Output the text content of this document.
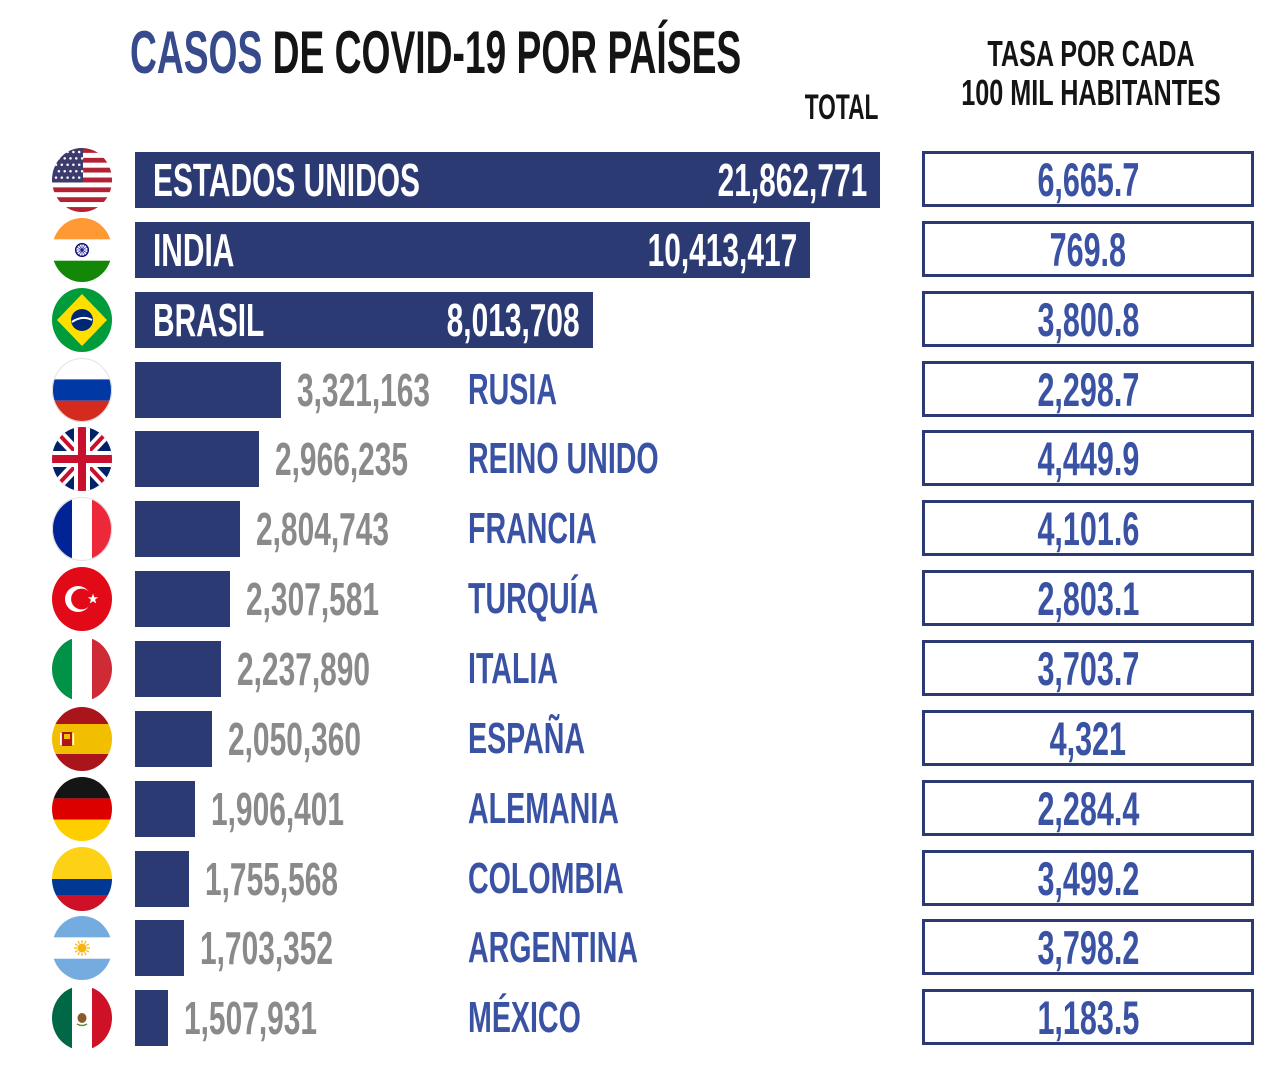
CASOS DE COVID-19 POR PAÍSES
TOTAL
TASA POR CADA
100 MIL HABITANTES
ESTADOS UNIDOS	21,862,771	6,665.7
INDIA	10,413,417	769.8
BRASIL	8,013,708	3,800.8
3,321,163 RUSIA	2,298.7
2,966,235 REINO UNIDO	4,449.9
2,804,743 FRANCIA	4,101.6
2,307,581 TURQUÍA	2,803.1
2,237,890 ITALIA	3,703.7
2,050,360 ESPAÑA	4,321
1,906,401	ALEMANIA	2,284.4
1,755,568	COLOMBIA	3,499.2
1,703,352	ARGENTINA	3,798.2
1,507,931	MÉXICO	1,183.5
